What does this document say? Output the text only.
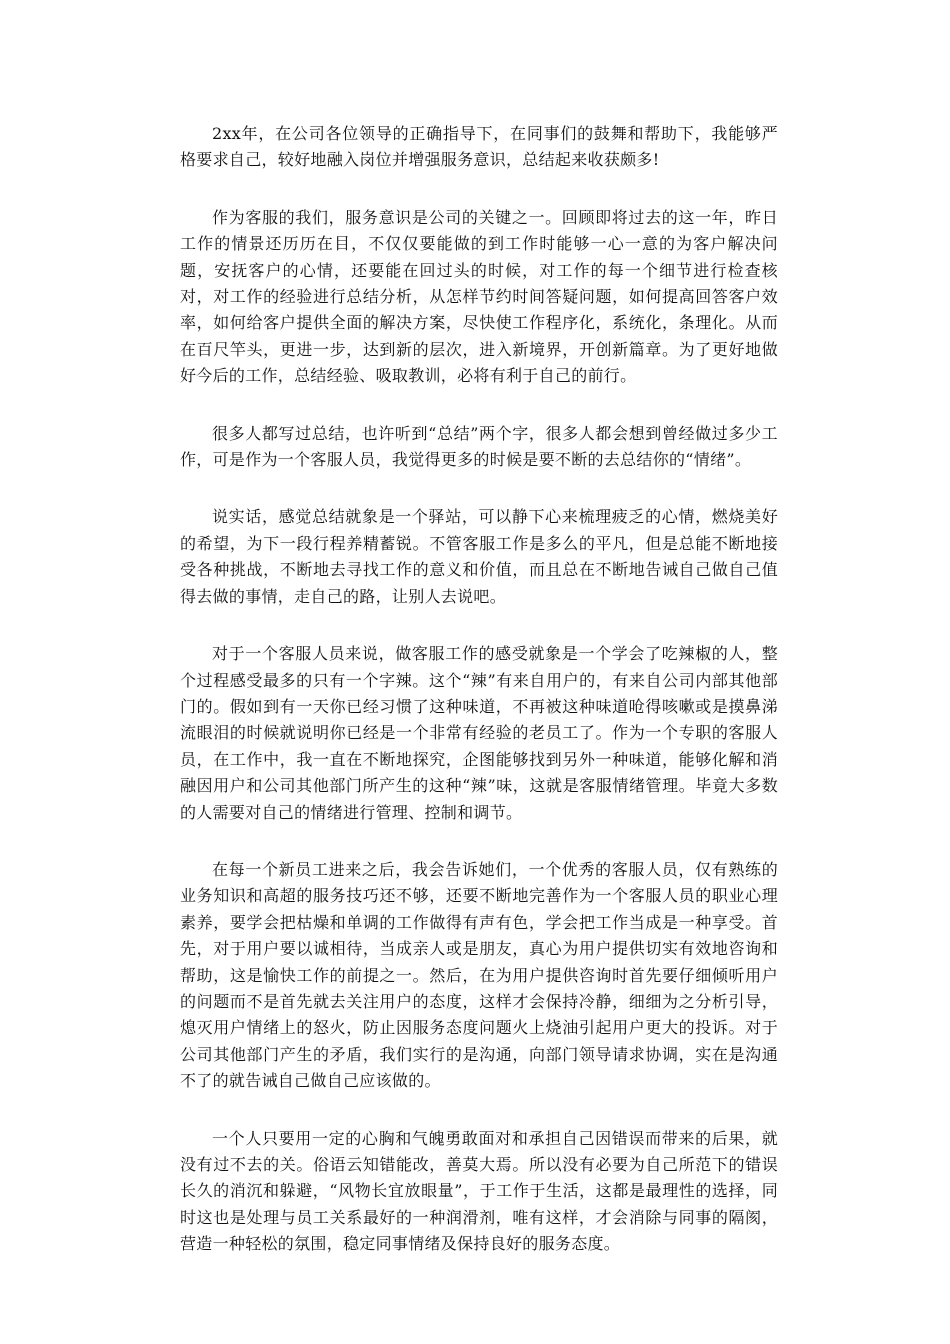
2xx年，在公司各位领导的正确指导下，在同事们的鼓舞和帮助下，我能够严格要求自己，较好地融入岗位并增强服务意识，总结起来收获颇多!

作为客服的我们，服务意识是公司的关键之一。回顾即将过去的这一年，昨日工作的情景还历历在目，不仅仅要能做的到工作时能够一心一意的为客户解决问题，安抚客户的心情，还要能在回过头的时候，对工作的每一个细节进行检查核对，对工作的经验进行总结分析，从怎样节约时间答疑问题，如何提高回答客户效率，如何给客户提供全面的解决方案，尽快使工作程序化，系统化，条理化。从而在百尺竿头，更进一步，达到新的层次，进入新境界，开创新篇章。为了更好地做好今后的工作，总结经验、吸取教训，必将有利于自己的前行。

很多人都写过总结，也许听到“总结”两个字，很多人都会想到曾经做过多少工作，可是作为一个客服人员，我觉得更多的时候是要不断的去总结你的“情绪”。

说实话，感觉总结就象是一个驿站，可以静下心来梳理疲乏的心情，燃烧美好的希望，为下一段行程养精蓄锐。不管客服工作是多么的平凡，但是总能不断地接受各种挑战，不断地去寻找工作的意义和价值，而且总在不断地告诫自己做自己值得去做的事情，走自己的路，让别人去说吧。

对于一个客服人员来说，做客服工作的感受就象是一个学会了吃辣椒的人，整个过程感受最多的只有一个字辣。这个“辣”有来自用户的，有来自公司内部其他部门的。假如到有一天你已经习惯了这种味道，不再被这种味道呛得咳嗽或是摸鼻涕流眼泪的时候就说明你已经是一个非常有经验的老员工了。作为一个专职的客服人员，在工作中，我一直在不断地探究，企图能够找到另外一种味道，能够化解和消融因用户和公司其他部门所产生的这种“辣”味，这就是客服情绪管理。毕竟大多数的人需要对自己的情绪进行管理、控制和调节。

在每一个新员工进来之后，我会告诉她们，一个优秀的客服人员，仅有熟练的业务知识和高超的服务技巧还不够，还要不断地完善作为一个客服人员的职业心理素养，要学会把枯燥和单调的工作做得有声有色，学会把工作当成是一种享受。首先，对于用户要以诚相待，当成亲人或是朋友，真心为用户提供切实有效地咨询和帮助，这是愉快工作的前提之一。然后，在为用户提供咨询时首先要仔细倾听用户的问题而不是首先就去关注用户的态度，这样才会保持冷静，细细为之分析引导，熄灭用户情绪上的怒火，防止因服务态度问题火上烧油引起用户更大的投诉。对于公司其他部门产生的矛盾，我们实行的是沟通，向部门领导请求协调，实在是沟通不了的就告诫自己做自己应该做的。

一个人只要用一定的心胸和气魄勇敢面对和承担自己因错误而带来的后果，就没有过不去的关。俗语云知错能改，善莫大焉。所以没有必要为自己所范下的错误长久的消沉和躲避，“风物长宜放眼量”，于工作于生活，这都是最理性的选择，同时这也是处理与员工关系最好的一种润滑剂，唯有这样，才会消除与同事的隔阂，营造一种轻松的氛围，稳定同事情绪及保持良好的服务态度。
